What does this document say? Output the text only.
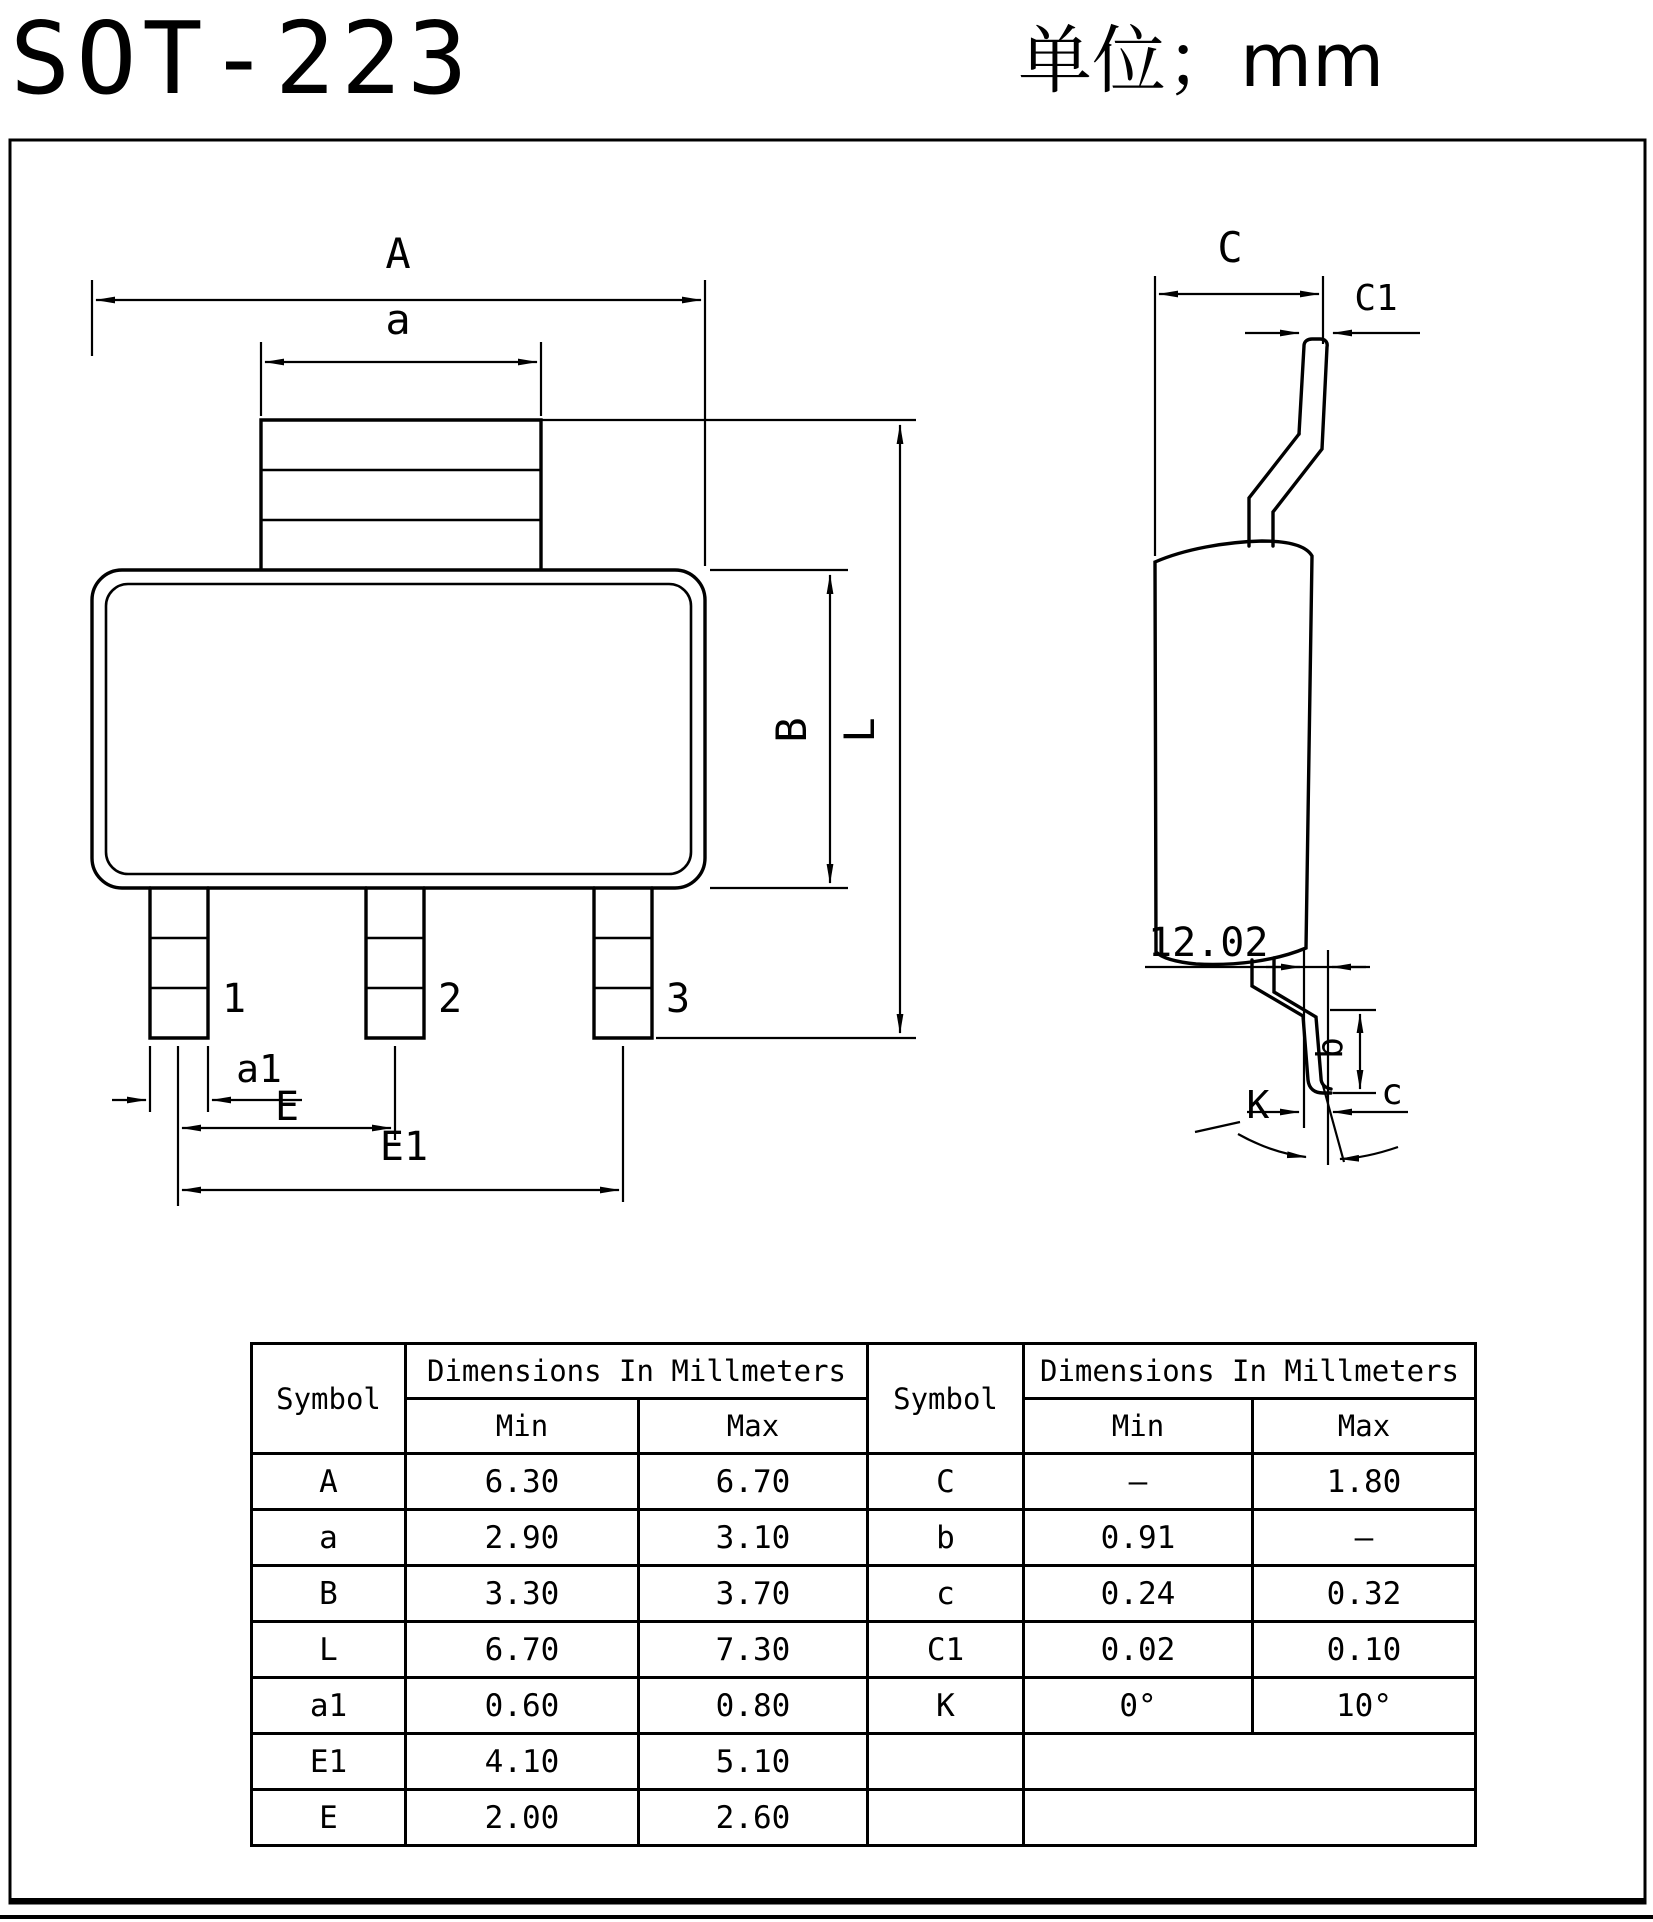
SOT-223	单位；mm
A
a
B L
1	2	3
a1
E
E1
C
C1
12.02
b
c
K
Symbol	Dimensions In Millmeters		Symbol	Dimensions In Millmeters	
	Min	Max		Min	Max
A	6.30	6.70	C	–	1.80
a	2.90	3.10	b	0.91	–
B	3.30	3.70	c	0.24	0.32
L	6.70	7.30	C1	0.02	0.10
a1	0.60	0.80	K	0°	10°
E1	4.10	5.10			
E	2.00	2.60			
